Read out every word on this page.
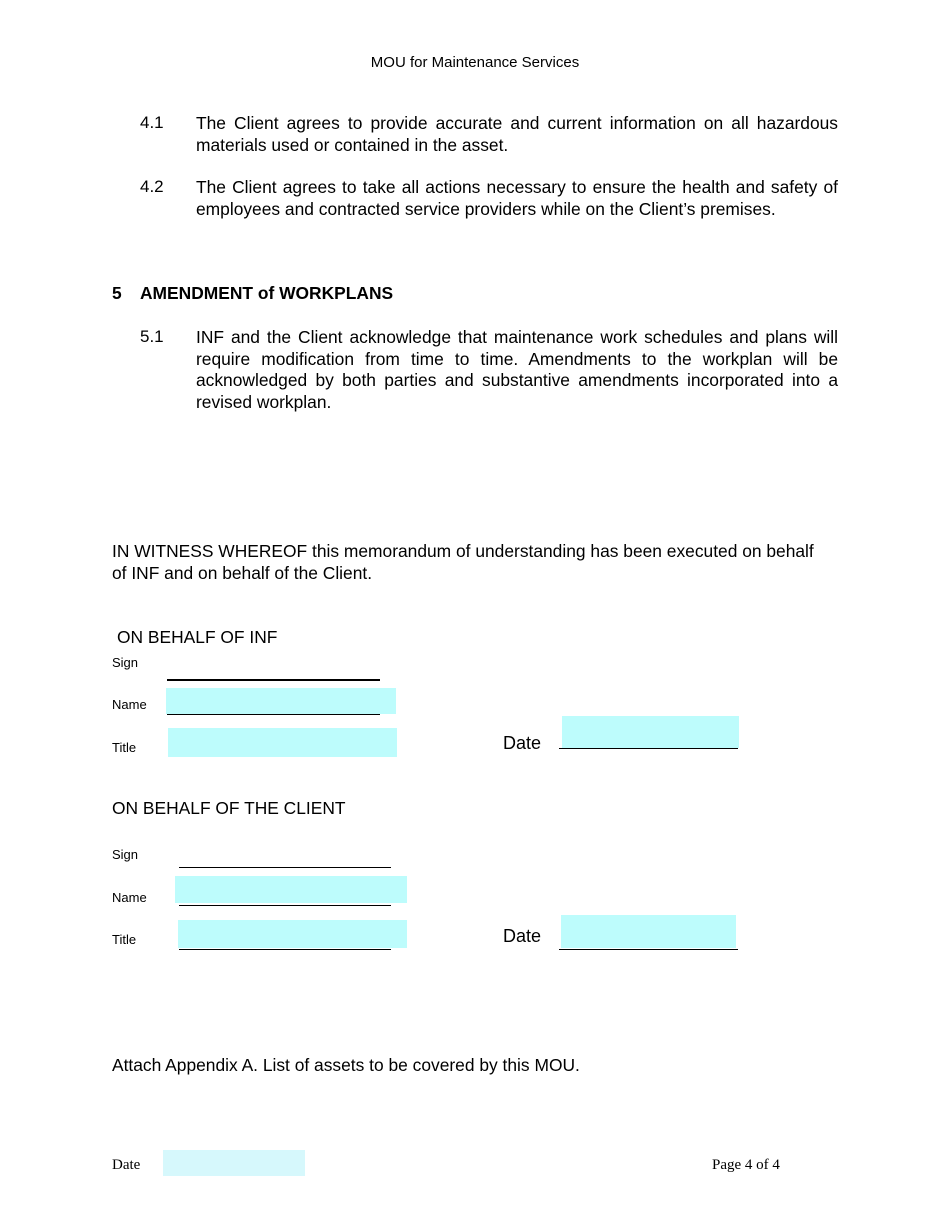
MOU for Maintenance Services
4.1 The Client agrees to provide accurate and current information on all hazardous materials used or contained in the asset.
4.2 The Client agrees to take all actions necessary to ensure the health and safety of employees and contracted service providers while on the Client’s premises.
5 AMENDMENT of WORKPLANS
5.1 INF and the Client acknowledge that maintenance work schedules and plans will require modification from time to time. Amendments to the workplan will be acknowledged by both parties and substantive amendments incorporated into a revised workplan.
IN WITNESS WHEREOF this memorandum of understanding has been executed on behalf of INF and on behalf of the Client.
ON BEHALF OF INF
Sign
Name
Title	Date
ON BEHALF OF THE CLIENT
Sign
Name
Title	Date
Attach Appendix A. List of assets to be covered by this MOU.
Date	Page 4 of 4
